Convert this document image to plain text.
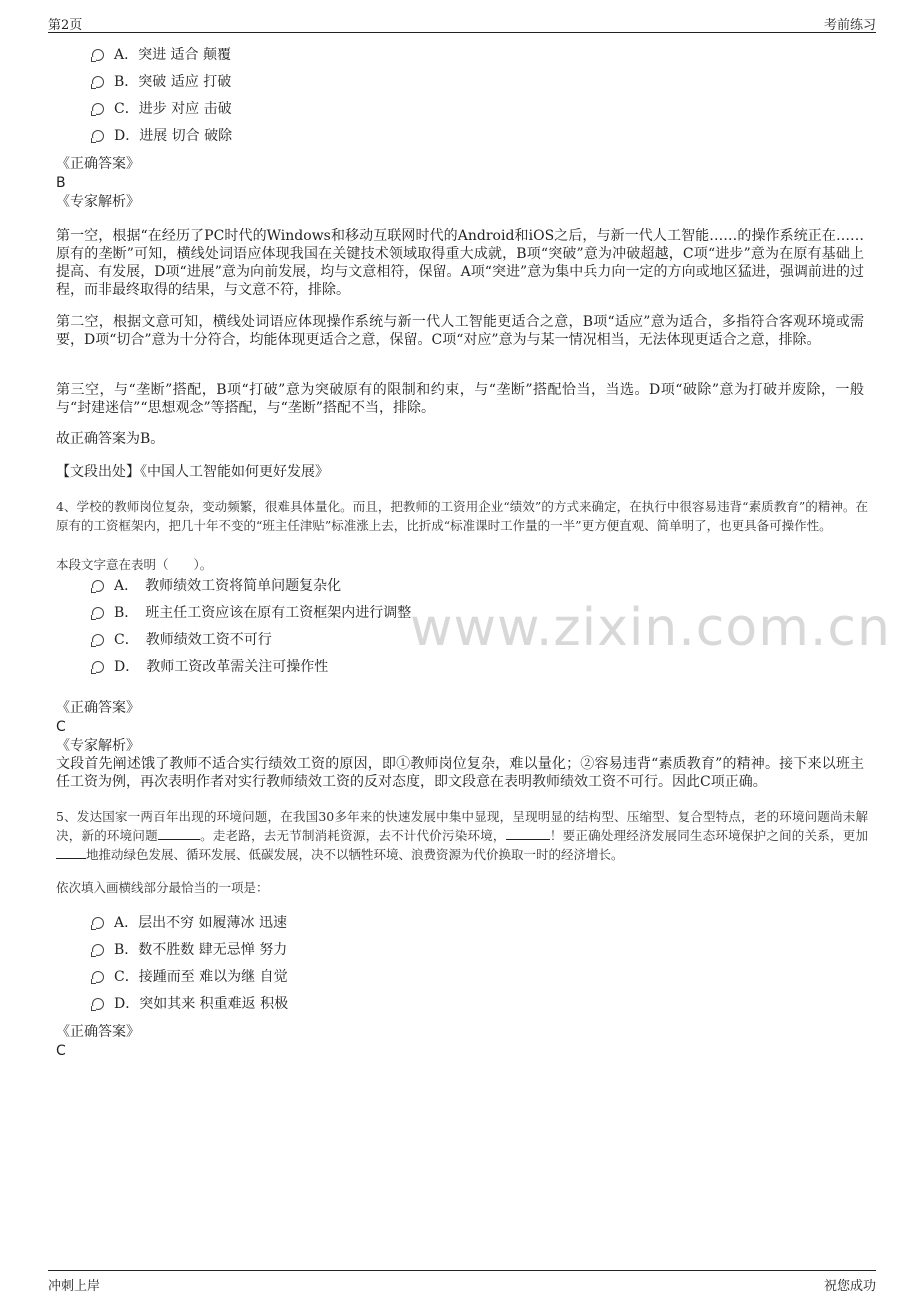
第2页	考前练习
www.zixin.com.cn
A．突进 适合 颠覆
B．突破 适应 打破
C．进步 对应 击破
D．进展 切合 破除
《正确答案》
B
《专家解析》
第一空，根据“在经历了PC时代的Windows和移动互联网时代的Android和iOS之后，与新一代人工智能……的操作系统正在……原有的垄断”可知，横线处词语应体现我国在关键技术领域取得重大成就，B项“突破”意为冲破超越，C项“进步”意为在原有基础上提高、有发展，D项“进展”意为向前发展，均与文意相符，保留。A项“突进”意为集中兵力向一定的方向或地区猛进，强调前进的过程，而非最终取得的结果，与文意不符，排除。
第二空，根据文意可知，横线处词语应体现操作系统与新一代人工智能更适合之意，B项“适应”意为适合，多指符合客观环境或需要，D项“切合”意为十分符合，均能体现更适合之意，保留。C项“对应”意为与某一情况相当，无法体现更适合之意，排除。
第三空，与“垄断”搭配，B项“打破”意为突破原有的限制和约束，与“垄断”搭配恰当，当选。D项“破除”意为打破并废除，一般与“封建迷信”“思想观念”等搭配，与“垄断”搭配不当，排除。
故正确答案为B。
【文段出处】《中国人工智能如何更好发展》
4、学校的教师岗位复杂，变动频繁，很难具体量化。而且，把教师的工资用企业“绩效”的方式来确定，在执行中很容易违背“素质教育”的精神。在原有的工资框架内，把几十年不变的“班主任津贴”标准涨上去，比折成“标准课时工作量的一半”更方便直观、简单明了，也更具备可操作性。
本段文字意在表明（　　）。
A．　教师绩效工资将简单问题复杂化
B．　班主任工资应该在原有工资框架内进行调整
C．　教师绩效工资不可行
D．　教师工资改革需关注可操作性
《正确答案》
C
《专家解析》
文段首先阐述饿了教师不适合实行绩效工资的原因，即①教师岗位复杂，难以量化；②容易违背“素质教育”的精神。接下来以班主任工资为例，再次表明作者对实行教师绩效工资的反对态度，即文段意在表明教师绩效工资不可行。因此C项正确。
5、发达国家一两百年出现的环境问题，在我国30多年来的快速发展中集中显现，呈现明显的结构型、压缩型、复合型特点，老的环境问题尚未解决，新的环境问题	。走老路，去无节制消耗资源，去不计代价污染环境，	！要正确处理经济发展同生态环境保护之间的关系，更加地推动绿色发展、循环发展、低碳发展，决不以牺牲环境、浪费资源为代价换取一时的经济增长。
依次填入画横线部分最恰当的一项是：
A．层出不穷 如履薄冰 迅速
B．数不胜数 肆无忌惮 努力
C．接踵而至 难以为继 自觉
D．突如其来 积重难返 积极
《正确答案》
C
冲刺上岸	祝您成功
